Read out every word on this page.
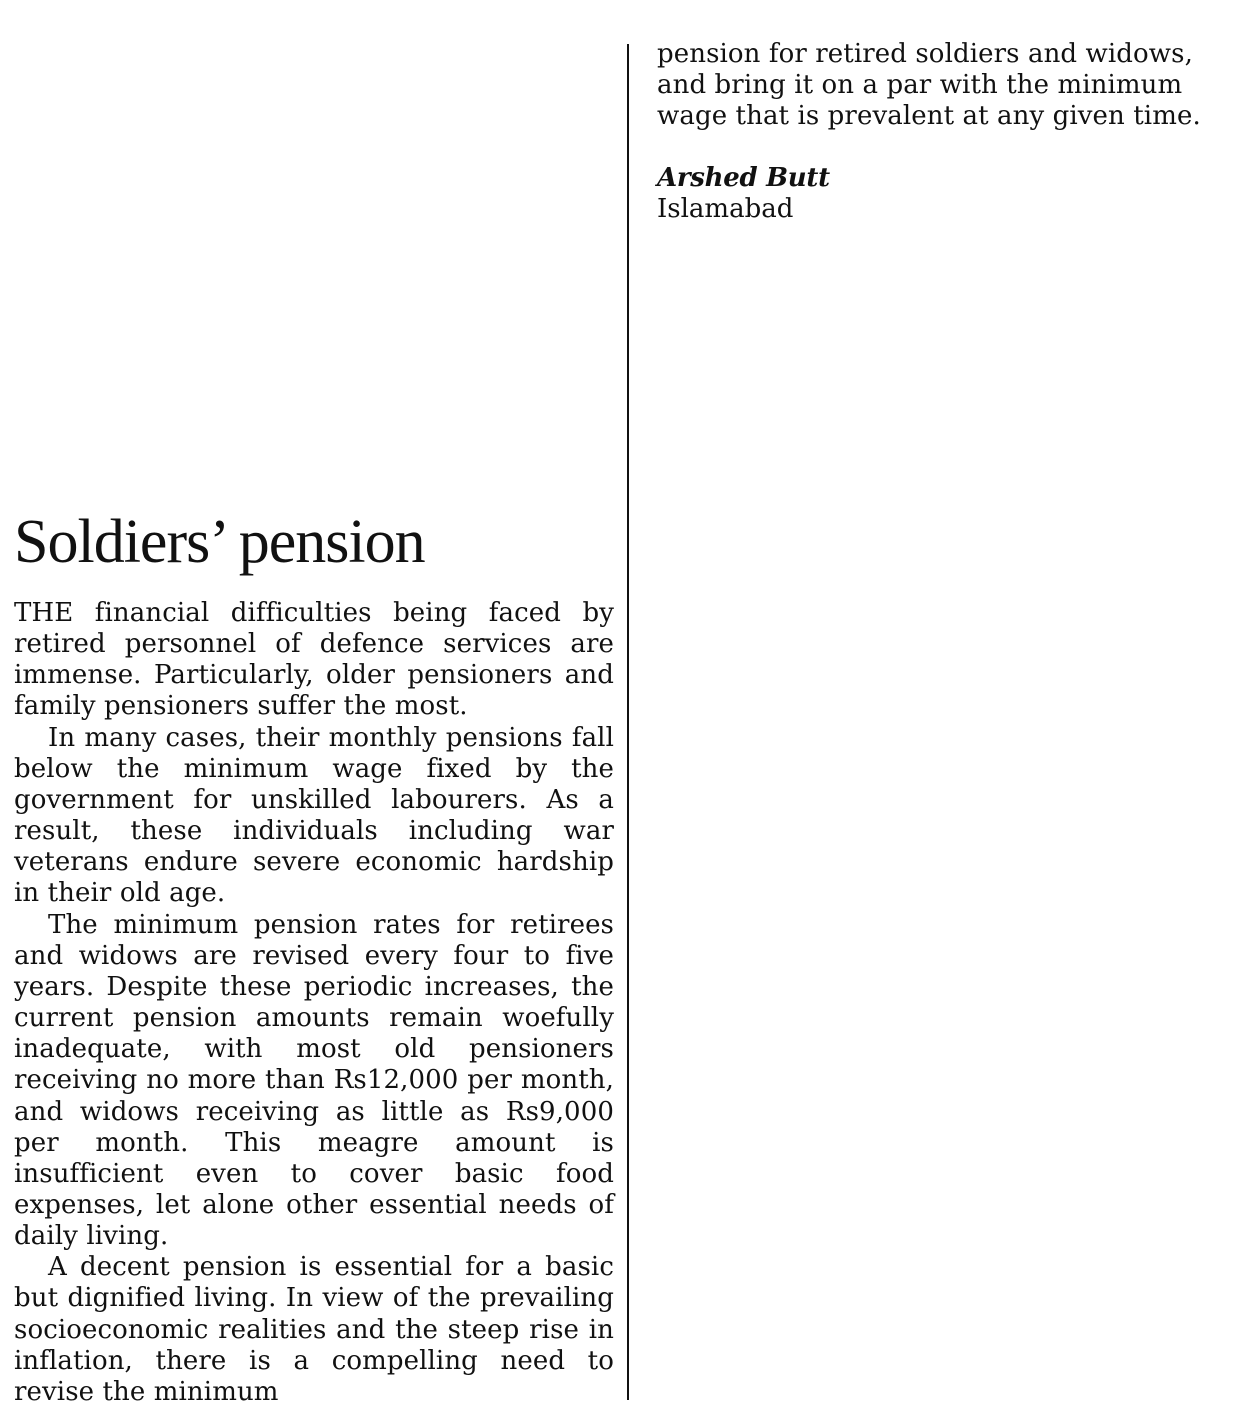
Soldiers’ pension

THE financial difficulties being faced by retired personnel of defence services are immense. Particularly, older pensioners and family pensioners suffer the most.

In many cases, their monthly pensions fall below the minimum wage fixed by the government for unskilled labourers. As a result, these individuals including war veterans endure severe economic hardship in their old age.

The minimum pension rates for retirees and widows are revised every four to five years. Despite these periodic increases, the current pension amounts remain woefully inadequate, with most old pensioners receiving no more than Rs12,000 per month, and widows receiving as little as Rs9,000 per month. This meagre amount is insufficient even to cover basic food expenses, let alone other essential needs of daily living.

A decent pension is essential for a basic but dignified living. In view of the prevailing socioeconomic realities and the steep rise in inflation, there is a compelling need to revise the minimum

pension for retired soldiers and widows, and bring it on a par with the minimum wage that is prevalent at any given time.

Arshed Butt
Islamabad
